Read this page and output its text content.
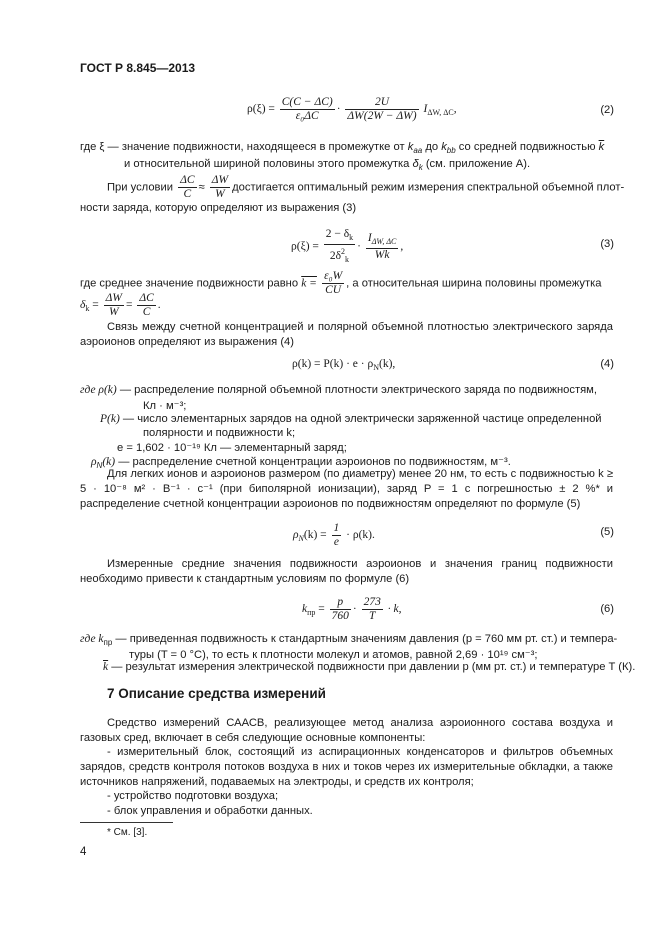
ГОСТ Р 8.845—2013
$\rho(\xi) = \frac{C(C - \Delta C)}{\text{ε₀ΔC}} \cdot \frac{2U}{\Delta W(2W - \Delta W)} I_{\Delta W, \Delta C}$,	(2)
где ξ — значение подвижности, находящееся в промежутке от $k_{aa}$ до $k_{bb}$ со средней подвижностью $\overline{k}$
и относительной шириной половины этого промежутка $\delta_k$ (см. приложение А).
При условии $\frac{\Delta C}{C} \approx \frac{\Delta W}{W}$ достигается оптимальный режим измерения спектральной объемной плот-
ности заряда, которую определяют из выражения (3)
$\rho(\xi) = \frac{2 - \delta_k}{2\delta^2_k} \cdot \frac{I_{\Delta W, \Delta C}}{Wk}$ ,	(3)
где среднее значение подвижности равно $k = \frac{\text{ε₀W}}{CU}$ , а относительная ширина половины промежутка
$\delta_k = \frac{\Delta W}{W} = \frac{\Delta C}{C}$ .
Связь между счетной концентрацией и полярной объемной плотностью электрического заряда аэроионов определяют из выражения (4)
$\rho(k) = P(k) \cdot e \cdot \rho_N(k)$,	(4)
где ρ(k) — распределение полярной объемной плотности электрического заряда по подвижностям,
Кл · м⁻³;
P(k) — число элементарных зарядов на одной электрически заряженной частице определенной
полярности и подвижности k;
e = 1,602 · 10⁻¹⁹ Кл — элементарный заряд;
$\rho_N(k)$ — распределение счетной концентрации аэроионов по подвижностям, м⁻³.
Для легких ионов и аэроионов размером (по диаметру) менее 20 нм, то есть с подвижностью k ≥ 5 · 10⁻⁸ м² · В⁻¹ · с⁻¹ (при биполярной ионизации), заряд P = 1 с погрешностью ± 2 %* и распределение счетной концентрации аэроионов по подвижностям определяют по формуле (5)
$\rho_N(k) = \frac{1}{e} \cdot \rho(k)$.	(5)
Измеренные средние значения подвижности аэроионов и значения границ подвижности необходимо привести к стандартным условиям по формуле (6)
$k_{пр} = \frac{p}{760} \cdot \frac{273}{T} \cdot k$,	(6)
где $k_{пр}$ — приведенная подвижность к стандартным значениям давления (p = 760 мм рт. ст.) и темпера-
туры (T = 0 °C), то есть к плотности молекул и атомов, равной 2,69 · 10¹⁹ см⁻³;
$\overline{k}$ — результат измерения электрической подвижности при давлении p (мм рт. ст.) и температуре T (К).
7 Описание средства измерений
Средство измерений СААСВ, реализующее метод анализа аэроионного состава воздуха и газовых сред, включает в себя следующие основные компоненты:
- измерительный блок, состоящий из аспирационных конденсаторов и фильтров объемных зарядов, средств контроля потоков воздуха в них и токов через их измерительные обкладки, а также источников напряжений, подаваемых на электроды, и средств их контроля;
- устройство подготовки воздуха;
- блок управления и обработки данных.
* См. [3].
4
